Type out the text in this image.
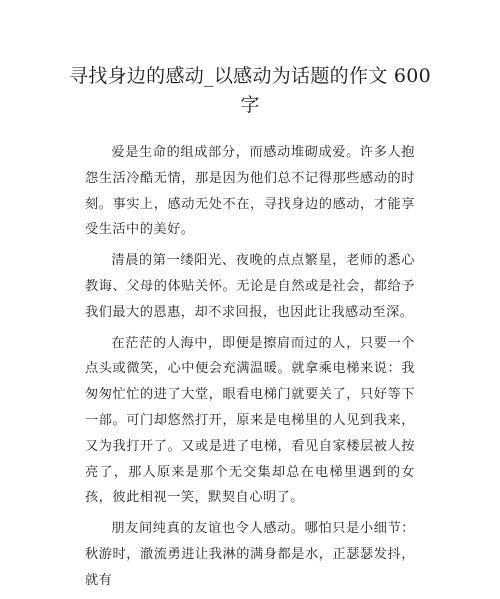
寻找身边的感动_以感动为话题的作文 600 字

爱是生命的组成部分，而感动堆砌成爱。许多人抱怨生活冷酷无情，那是因为他们总不记得那些感动的时刻。事实上，感动无处不在，寻找身边的感动，才能享受生活中的美好。

清晨的第一缕阳光、夜晚的点点繁星，老师的悉心教诲、父母的体贴关怀。无论是自然或是社会，都给予我们最大的恩惠，却不求回报，也因此让我感动至深。

在茫茫的人海中，即便是擦肩而过的人，只要一个点头或微笑，心中便会充满温暖。就拿乘电梯来说：我匆匆忙忙的进了大堂，眼看电梯门就要关了，只好等下一部。可门却悠然打开，原来是电梯里的人见到我来，又为我打开了。又或是进了电梯，看见自家楼层被人按亮了，那人原来是那个无交集却总在电梯里遇到的女孩，彼此相视一笑，默契自心明了。

朋友间纯真的友谊也令人感动。哪怕只是小细节：秋游时，澈流勇进让我淋的满身都是水，正瑟瑟发抖，就有
